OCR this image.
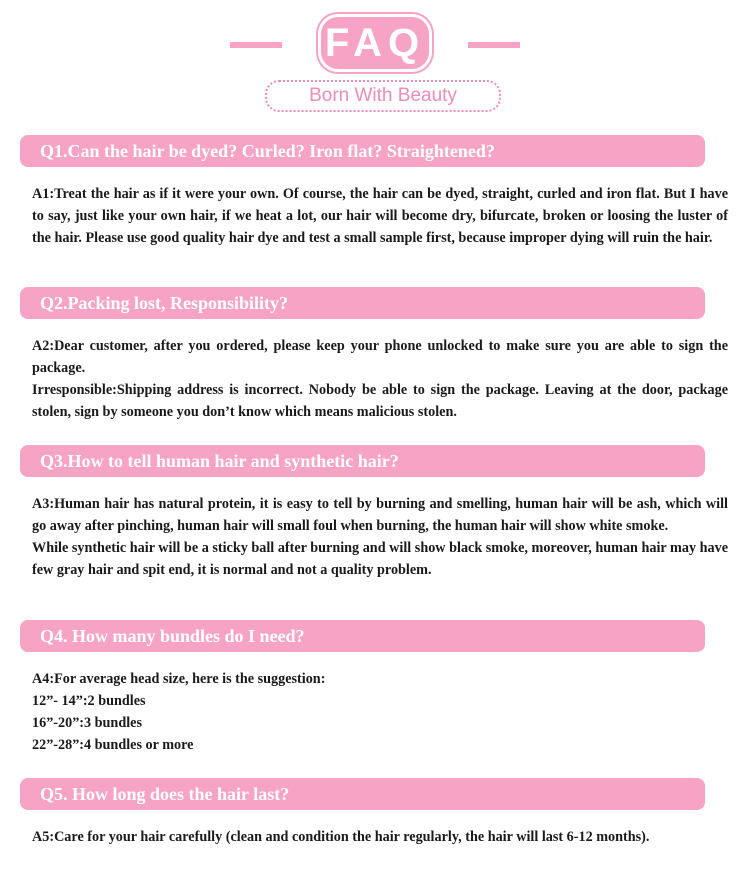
FAQ
Born With Beauty
Q1.Can the hair be dyed? Curled? Iron flat? Straightened?

A1:Treat the hair as if it were your own. Of course, the hair can be dyed, straight, curled and iron flat. But I have to say, just like your own hair, if we heat a lot, our hair will become dry, bifurcate, broken or loosing the luster of the hair. Please use good quality hair dye and test a small sample first, because improper dying will ruin the hair.

Q2.Packing lost, Responsibility?

A2:Dear customer, after you ordered, please keep your phone unlocked to make sure you are able to sign the package.

Irresponsible:Shipping address is incorrect. Nobody be able to sign the package. Leaving at the door, package stolen, sign by someone you don’t know which means malicious stolen.

Q3.How to tell human hair and synthetic hair?

A3:Human hair has natural protein, it is easy to tell by burning and smelling, human hair will be ash, which will go away after pinching, human hair will small foul when burning, the human hair will show white smoke.

While synthetic hair will be a sticky ball after burning and will show black smoke, moreover, human hair may have few gray hair and spit end, it is normal and not a quality problem.

Q4. How many bundles do I need?

A4:For average head size, here is the suggestion:

12”- 14”:2 bundles

16”-20”:3 bundles

22”-28”:4 bundles or more

Q5. How long does the hair last?

A5:Care for your hair carefully (clean and condition the hair regularly, the hair will last 6-12 months).
